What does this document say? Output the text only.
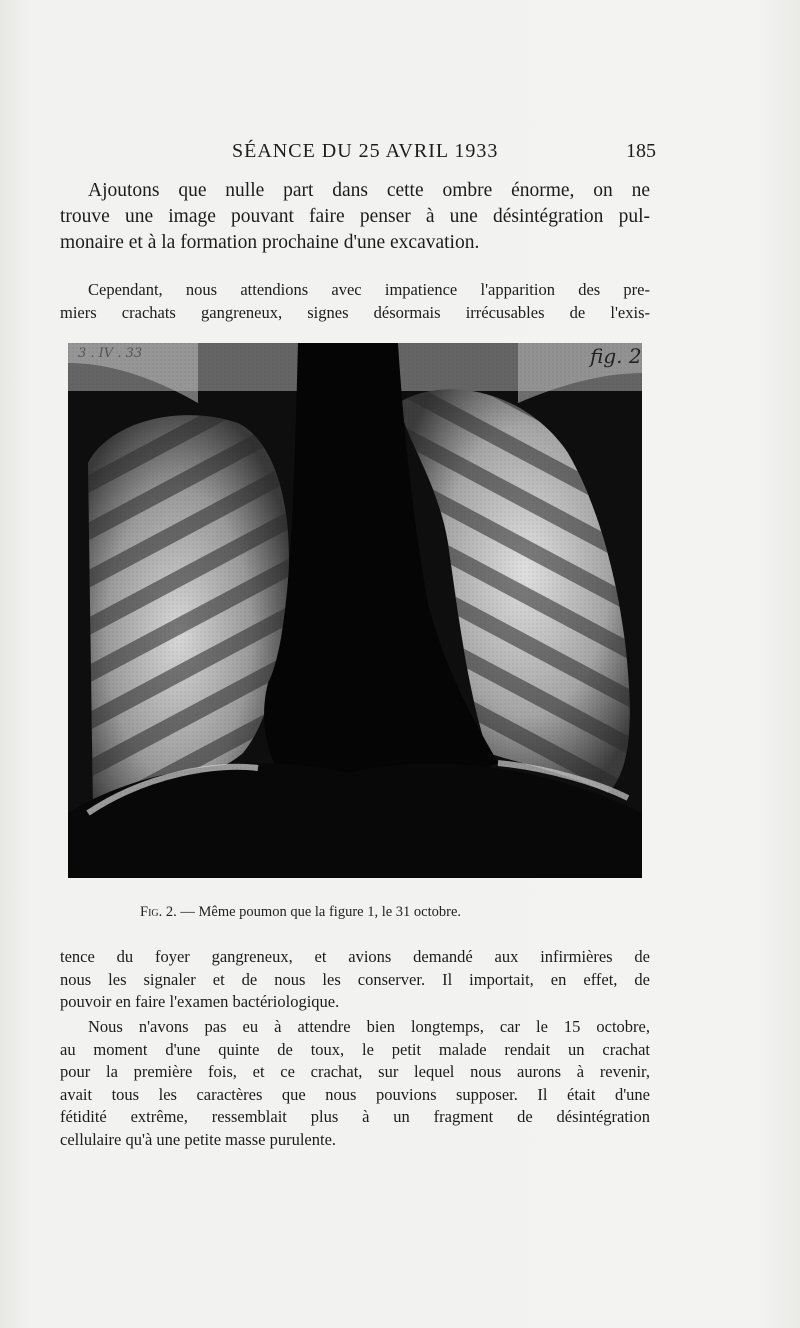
SÉANCE DU 25 AVRIL 1933	185
Ajoutons que nulle part dans cette ombre énorme, on ne
trouve une image pouvant faire penser à une désintégration pul-
monaire et à la formation prochaine d'une excavation.
Cependant, nous attendions avec impatience l'apparition des pre-
miers crachats gangreneux, signes désormais irrécusables de l'exis-
3 . IV . 33	fig. 2
Fig. 2. — Même poumon que la figure 1, le 31 octobre.
tence du foyer gangreneux, et avions demandé aux infirmières de
nous les signaler et de nous les conserver. Il importait, en effet, de
pouvoir en faire l'examen bactériologique.
Nous n'avons pas eu à attendre bien longtemps, car le 15 octobre,
au moment d'une quinte de toux, le petit malade rendait un crachat
pour la première fois, et ce crachat, sur lequel nous aurons à revenir,
avait tous les caractères que nous pouvions supposer. Il était d'une
fétidité extrême, ressemblait plus à un fragment de désintégration
cellulaire qu'à une petite masse purulente.
